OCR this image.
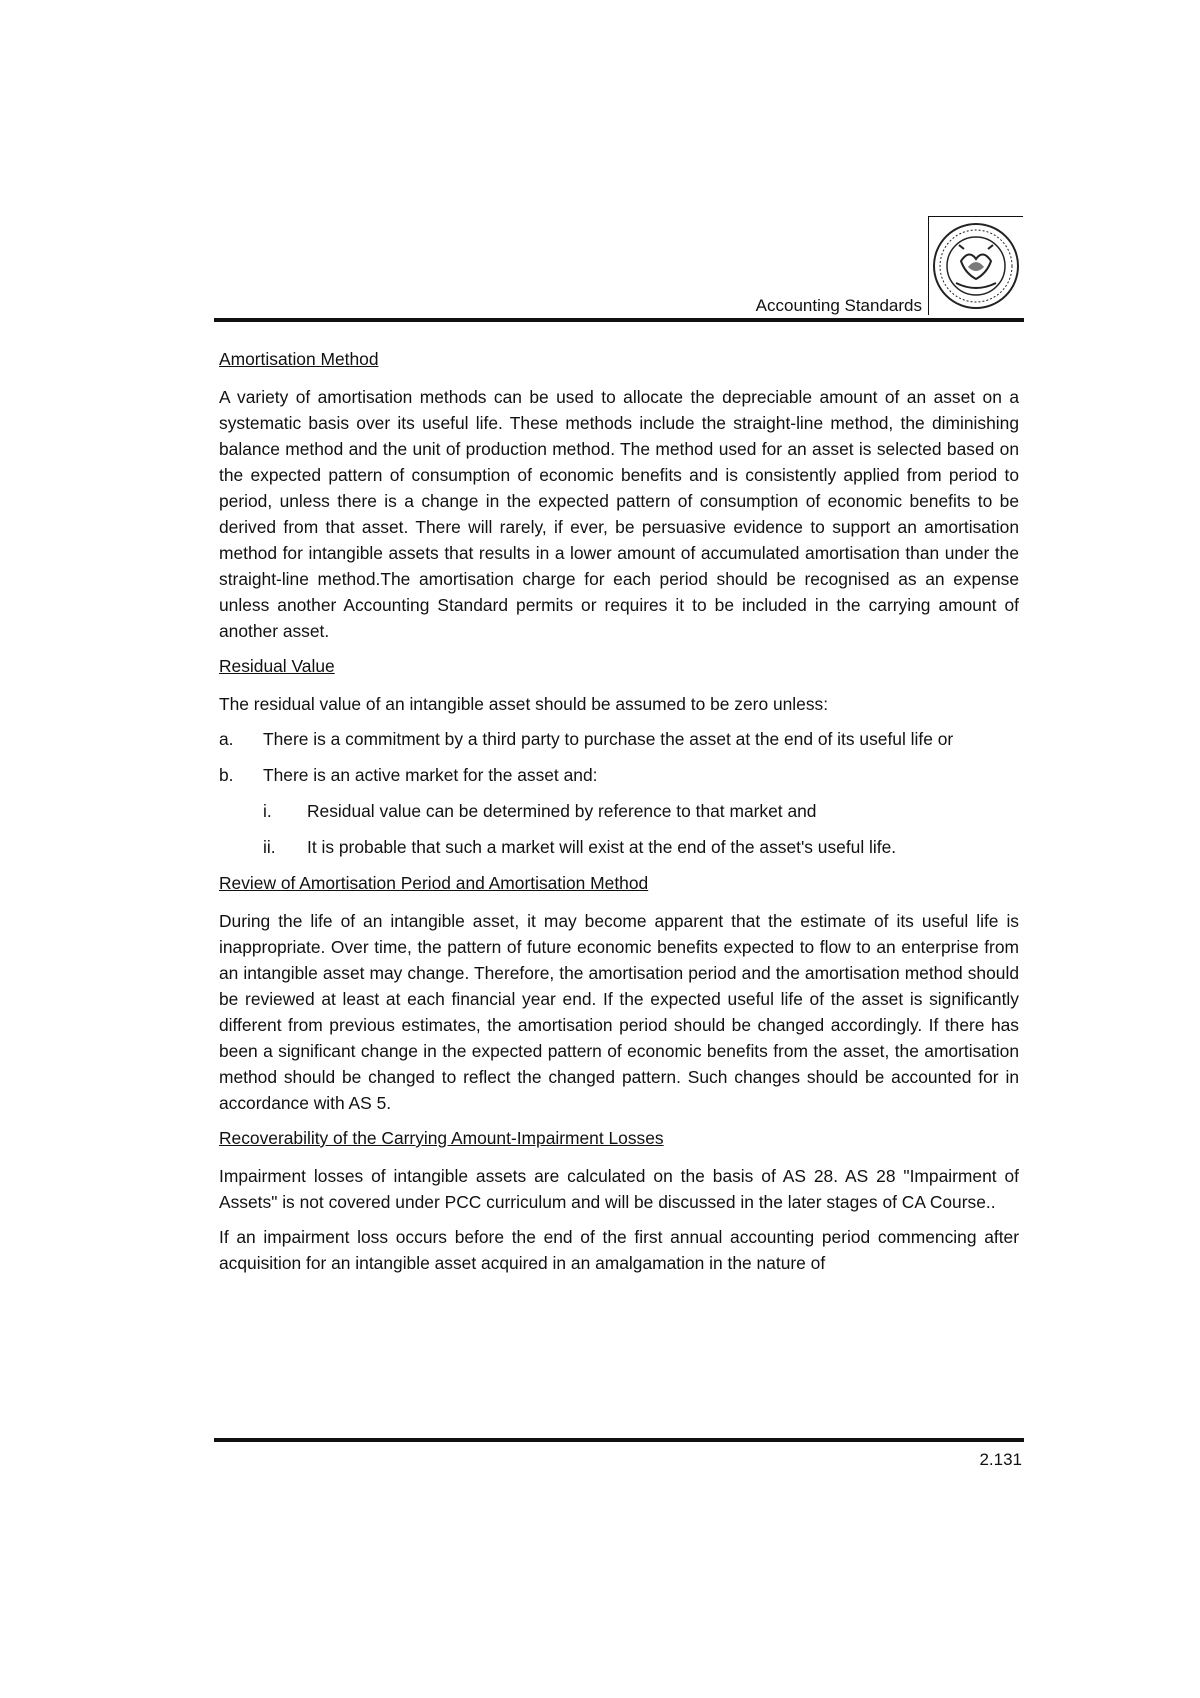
Accounting Standards
Amortisation Method

A variety of amortisation methods can be used to allocate the depreciable amount of an asset on a systematic basis over its useful life. These methods include the straight-line method, the diminishing balance method and the unit of production method. The method used for an asset is selected based on the expected pattern of consumption of economic benefits and is consistently applied from period to period, unless there is a change in the expected pattern of consumption of economic benefits to be derived from that asset. There will rarely, if ever, be persuasive evidence to support an amortisation method for intangible assets that results in a lower amount of accumulated amortisation than under the straight-line method.The amortisation charge for each period should be recognised as an expense unless another Accounting Standard permits or requires it to be included in the carrying amount of another asset.

Residual Value

The residual value of an intangible asset should be assumed to be zero unless:

a. There is a commitment by a third party to purchase the asset at the end of its useful life or
b. There is an active market for the asset and:
i. Residual value can be determined by reference to that market and
ii. It is probable that such a market will exist at the end of the asset's useful life.
Review of Amortisation Period and Amortisation Method

During the life of an intangible asset, it may become apparent that the estimate of its useful life is inappropriate. Over time, the pattern of future economic benefits expected to flow to an enterprise from an intangible asset may change. Therefore, the amortisation period and the amortisation method should be reviewed at least at each financial year end. If the expected useful life of the asset is significantly different from previous estimates, the amortisation period should be changed accordingly. If there has been a significant change in the expected pattern of economic benefits from the asset, the amortisation method should be changed to reflect the changed pattern. Such changes should be accounted for in accordance with AS 5.

Recoverability of the Carrying Amount-Impairment Losses

Impairment losses of intangible assets are calculated on the basis of AS 28. AS 28 "Impairment of Assets" is not covered under PCC curriculum and will be discussed in the later stages of CA Course..

If an impairment loss occurs before the end of the first annual accounting period commencing after acquisition for an intangible asset acquired in an amalgamation in the nature of

2.131
